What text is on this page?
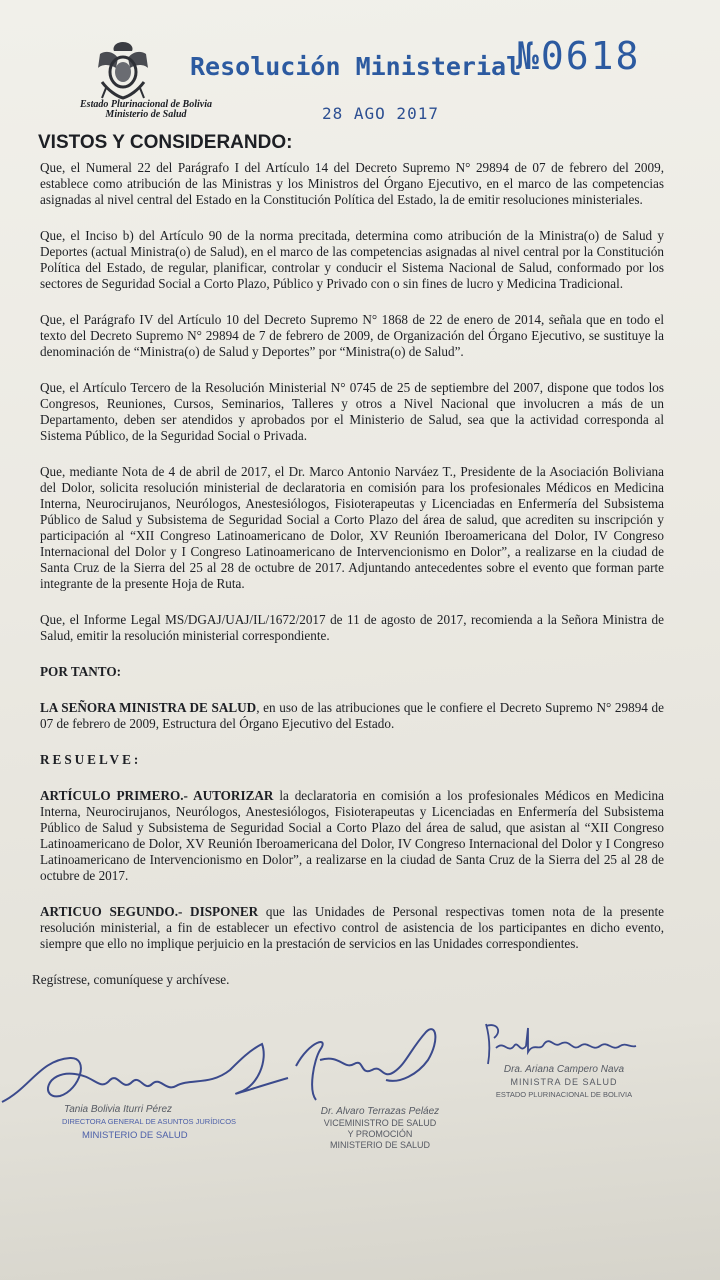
Estado Plurinacional de Bolivia
Ministerio de Salud
Resolución Ministerial
№0618
28 AGO 2017
VISTOS Y CONSIDERANDO:

Que, el Numeral 22 del Parágrafo I del Artículo 14 del Decreto Supremo N° 29894 de 07 de febrero del 2009, establece como atribución de las Ministras y los Ministros del Órgano Ejecutivo, en el marco de las competencias asignadas al nivel central del Estado en la Constitución Política del Estado, la de emitir resoluciones ministeriales.

Que, el Inciso b) del Artículo 90 de la norma precitada, determina como atribución de la Ministra(o) de Salud y Deportes (actual Ministra(o) de Salud), en el marco de las competencias asignadas al nivel central por la Constitución Política del Estado, de regular, planificar, controlar y conducir el Sistema Nacional de Salud, conformado por los sectores de Seguridad Social a Corto Plazo, Público y Privado con o sin fines de lucro y Medicina Tradicional.

Que, el Parágrafo IV del Artículo 10 del Decreto Supremo N° 1868 de 22 de enero de 2014, señala que en todo el texto del Decreto Supremo N° 29894 de 7 de febrero de 2009, de Organización del Órgano Ejecutivo, se sustituye la denominación de “Ministra(o) de Salud y Deportes” por “Ministra(o) de Salud”.

Que, el Artículo Tercero de la Resolución Ministerial N° 0745 de 25 de septiembre del 2007, dispone que todos los Congresos, Reuniones, Cursos, Seminarios, Talleres y otros a Nivel Nacional que involucren a más de un Departamento, deben ser atendidos y aprobados por el Ministerio de Salud, sea que la actividad corresponda al Sistema Público, de la Seguridad Social o Privada.

Que, mediante Nota de 4 de abril de 2017, el Dr. Marco Antonio Narváez T., Presidente de la Asociación Boliviana del Dolor, solicita resolución ministerial de declaratoria en comisión para los profesionales Médicos en Medicina Interna, Neurocirujanos, Neurólogos, Anestesiólogos, Fisioterapeutas y Licenciadas en Enfermería del Subsistema Público de Salud y Subsistema de Seguridad Social a Corto Plazo del área de salud, que acrediten su inscripción y participación al “XII Congreso Latinoamericano de Dolor, XV Reunión Iberoamericana del Dolor, IV Congreso Internacional del Dolor y I Congreso Latinoamericano de Intervencionismo en Dolor”, a realizarse en la ciudad de Santa Cruz de la Sierra del 25 al 28 de octubre de 2017. Adjuntando antecedentes sobre el evento que forman parte integrante de la presente Hoja de Ruta.

Que, el Informe Legal MS/DGAJ/UAJ/IL/1672/2017 de 11 de agosto de 2017, recomienda a la Señora Ministra de Salud, emitir la resolución ministerial correspondiente.

POR TANTO:

LA SEÑORA MINISTRA DE SALUD, en uso de las atribuciones que le confiere el Decreto Supremo N° 29894 de 07 de febrero de 2009, Estructura del Órgano Ejecutivo del Estado.

RESUELVE:

ARTÍCULO PRIMERO.- AUTORIZAR la declaratoria en comisión a los profesionales Médicos en Medicina Interna, Neurocirujanos, Neurólogos, Anestesiólogos, Fisioterapeutas y Licenciadas en Enfermería del Subsistema Público de Salud y Subsistema de Seguridad Social a Corto Plazo del área de salud, que asistan al “XII Congreso Latinoamericano de Dolor, XV Reunión Iberoamericana del Dolor, IV Congreso Internacional del Dolor y I Congreso Latinoamericano de Intervencionismo en Dolor”, a realizarse en la ciudad de Santa Cruz de la Sierra del 25 al 28 de octubre de 2017.

ARTICUO SEGUNDO.- DISPONER que las Unidades de Personal respectivas tomen nota de la presente resolución ministerial, a fin de establecer un efectivo control de asistencia de los participantes en dicho evento, siempre que ello no implique perjuicio en la prestación de servicios en las Unidades correspondientes.

Regístrese, comuníquese y archívese.

Tania Bolivia Iturri Pérez
DIRECTORA GENERAL DE ASUNTOS JURÍDICOS
MINISTERIO DE SALUD
Dr. Alvaro Terrazas Peláez
VICEMINISTRO DE SALUD
Y PROMOCIÓN
MINISTERIO DE SALUD
Dra. Ariana Campero Nava
MINISTRA DE SALUD
ESTADO PLURINACIONAL DE BOLIVIA
